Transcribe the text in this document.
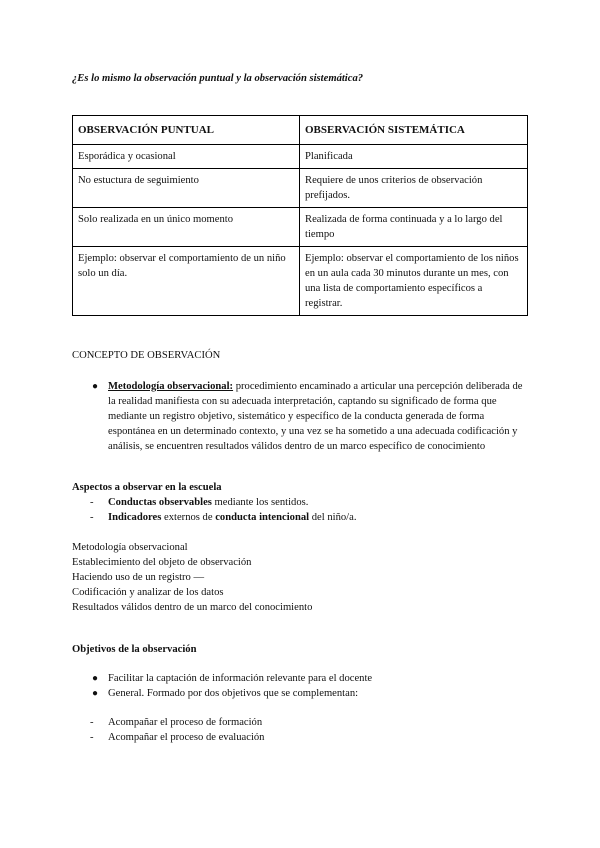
¿Es lo mismo la observación puntual y la observación sistemática?
OBSERVACIÓN PUNTUAL	OBSERVACIÓN SISTEMÁTICA
Esporádica y ocasional	Planificada
No estuctura de seguimiento	Requiere de unos criterios de observación prefijados.
Solo realizada en un único momento	Realizada de forma continuada y a lo largo del tiempo
Ejemplo: observar el comportamiento de un niño solo un día.	Ejemplo: observar el comportamiento de los niños en un aula cada 30 minutos durante un mes, con una lista de comportamiento específicos a registrar.
CONCEPTO DE OBSERVACIÓN
● Metodología observacional: procedimiento encaminado a articular una percepción deliberada de la realidad manifiesta con su adecuada interpretación, captando su significado de forma que mediante un registro objetivo, sistemático y específico de la conducta generada de forma espontánea en un determinado contexto, y una vez se ha sometido a una adecuada codificación y análisis, se encuentren resultados válidos dentro de un marco específico de conocimiento
Aspectos a observar en la escuela
-	Conductas observables mediante los sentidos.
-	Indicadores externos de conducta intencional del niño/a.
Metodología observacional
Establecimiento del objeto de observación
Haciendo uso de un registro —
Codificación y analizar de los datos
Resultados válidos dentro de un marco del conocimiento
Objetivos de la observación
● Facilitar la captación de información relevante para el docente
● General. Formado por dos objetivos que se complementan:
-	Acompañar el proceso de formación
-	Acompañar el proceso de evaluación
